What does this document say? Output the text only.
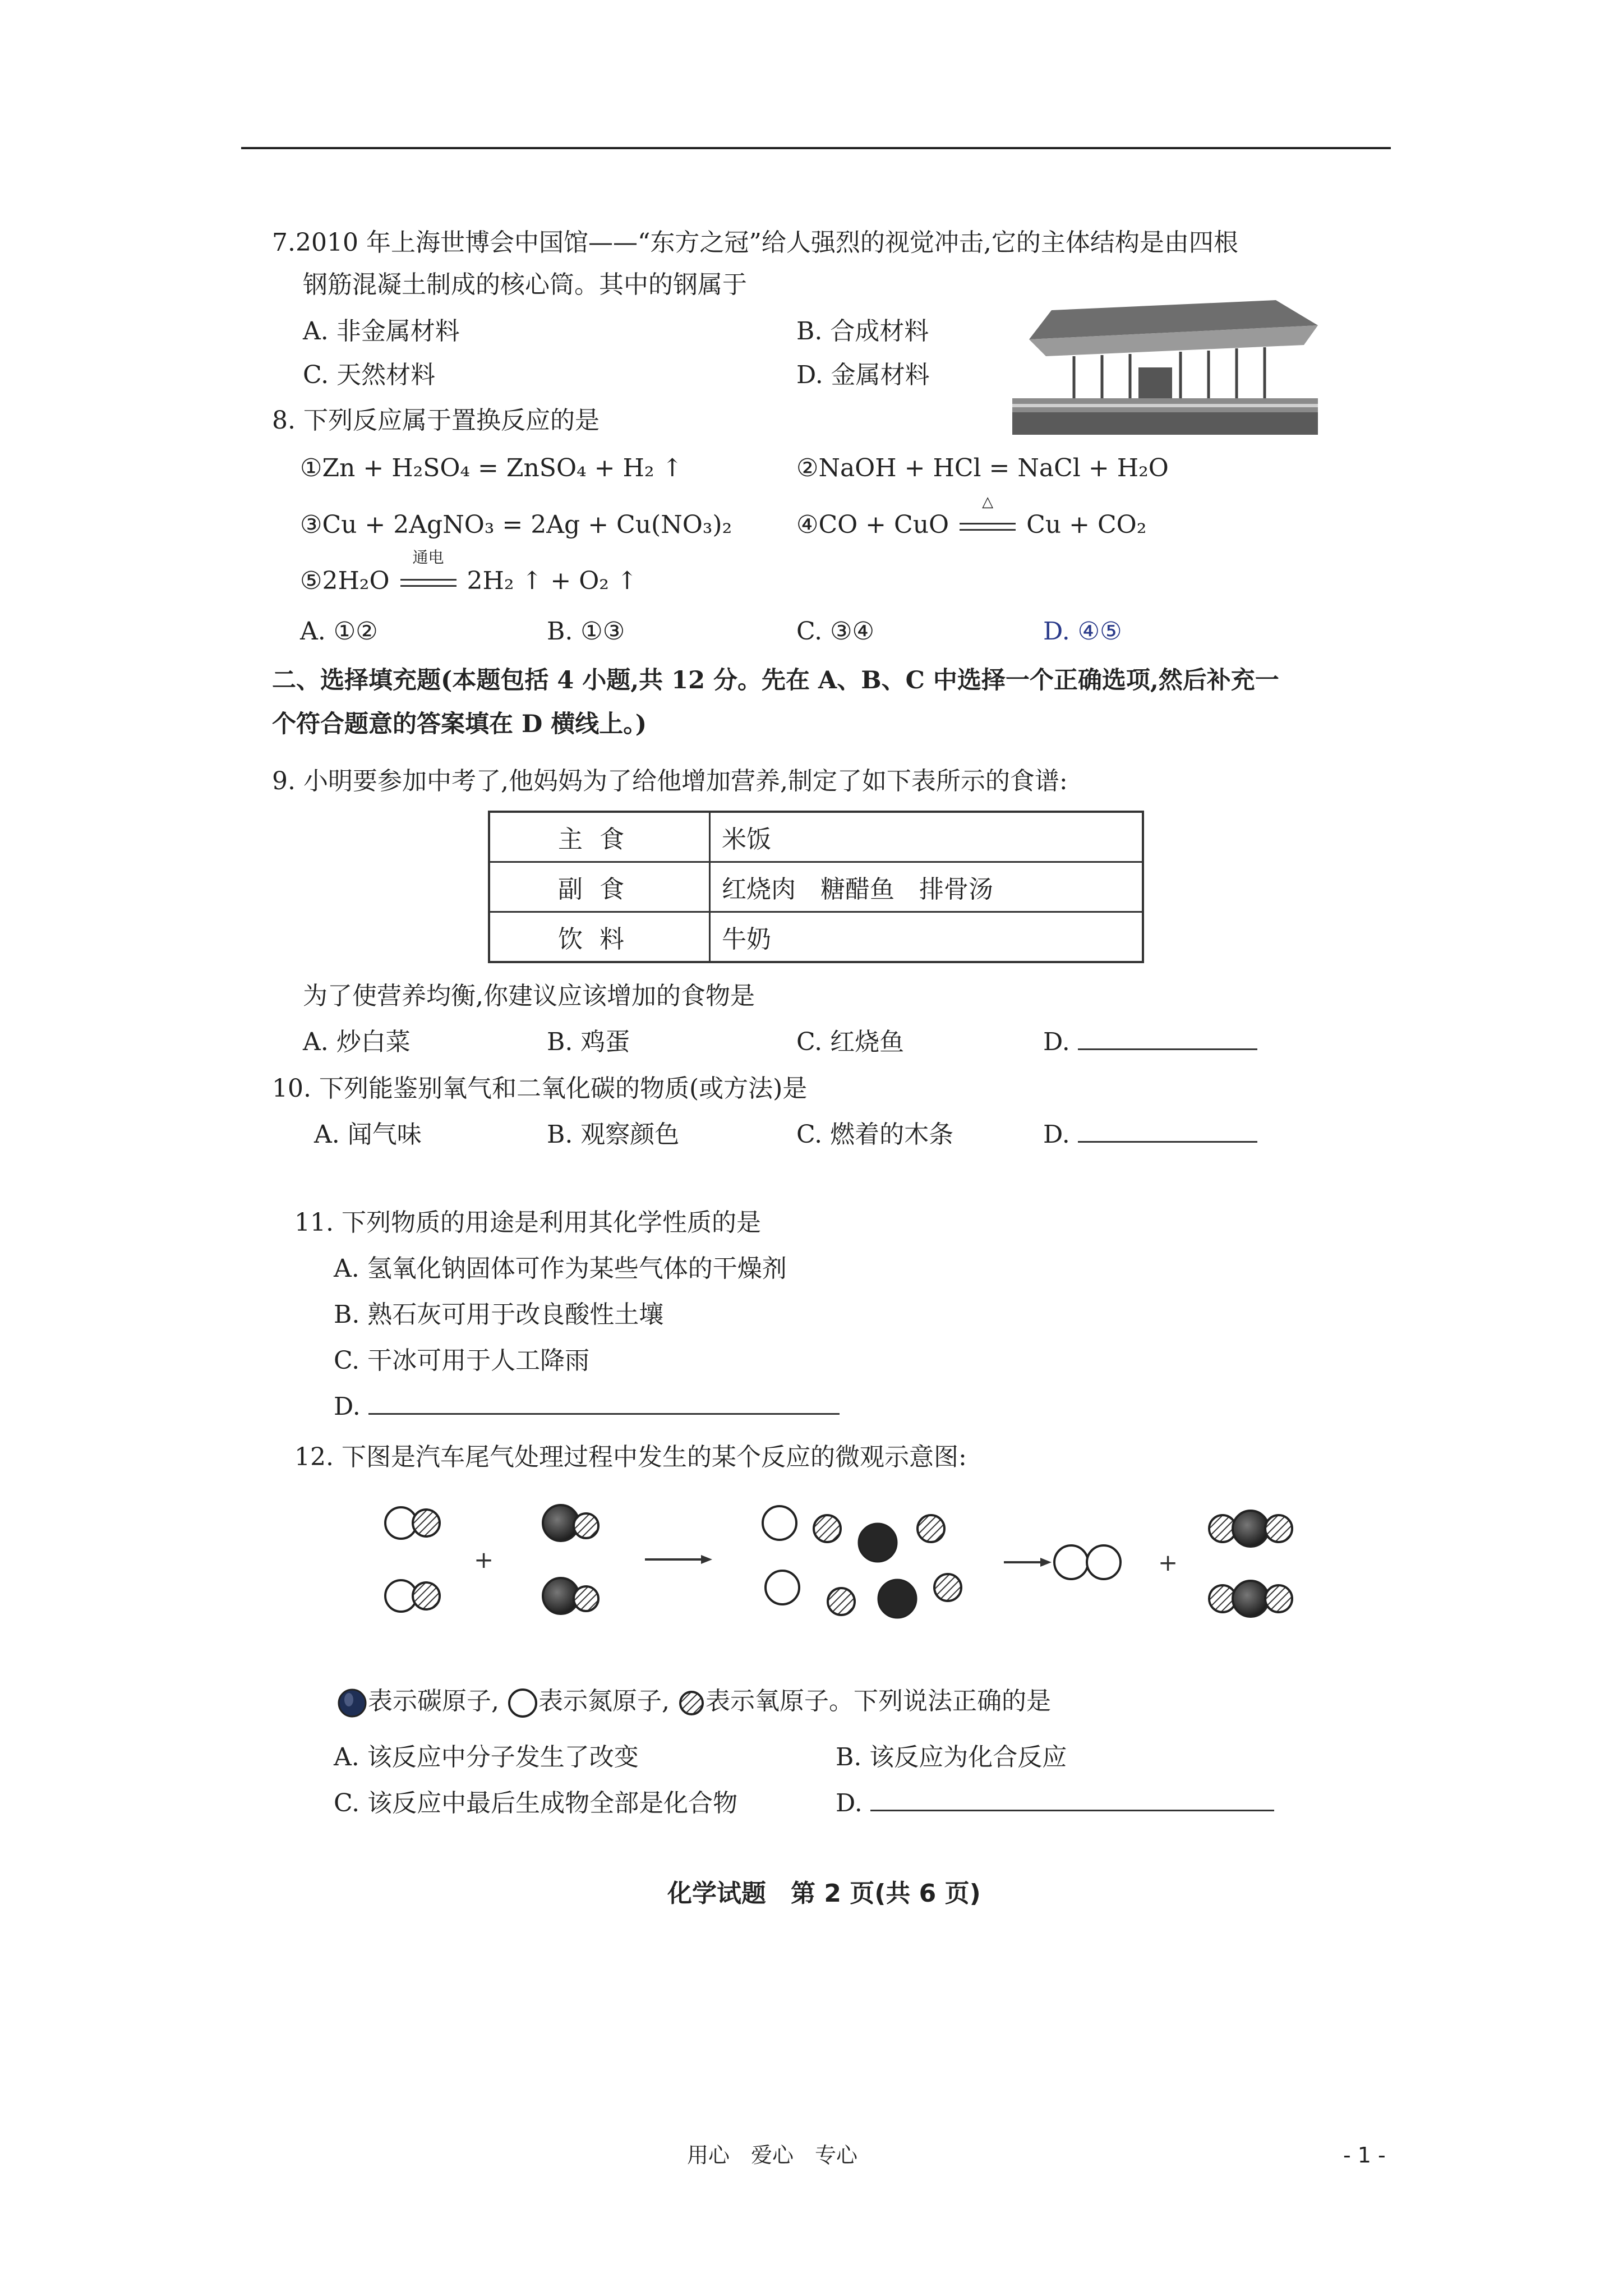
7.2010 年上海世博会中国馆——“东方之冠”给人强烈的视觉冲击,它的主体结构是由四根
钢筋混凝土制成的核心筒。其中的钢属于
A. 非金属材料	B. 合成材料
C. 天然材料	D. 金属材料
8. 下列反应属于置换反应的是
①Zn + H₂SO₄ = ZnSO₄ + H₂ ↑	②NaOH + HCl = NaCl + H₂O
③Cu + 2AgNO₃ = 2Ag + Cu(NO₃)₂	④CO + CuO
△
Cu + CO₂
⑤2H₂O
通电
2H₂ ↑ + O₂ ↑
A. ①②	B. ①③	C. ③④	D. ④⑤
二、选择填充题(本题包括 4 小题,共 12 分。先在 A、B、C 中选择一个正确选项,然后补充一
个符合题意的答案填在 D 横线上。)
9. 小明要参加中考了,他妈妈为了给他增加营养,制定了如下表所示的食谱:
主食	米饭
副食	红烧肉　糖醋鱼　排骨汤
饮料	牛奶
为了使营养均衡,你建议应该增加的食物是
A. 炒白菜	B. 鸡蛋	C. 红烧鱼	D.
10. 下列能鉴别氧气和二氧化碳的物质(或方法)是
A. 闻气味	B. 观察颜色	C. 燃着的木条	D.
11. 下列物质的用途是利用其化学性质的是
A. 氢氧化钠固体可作为某些气体的干燥剂
B. 熟石灰可用于改良酸性土壤
C. 干冰可用于人工降雨
D.
12. 下图是汽车尾气处理过程中发生的某个反应的微观示意图:
+	+
表示碳原子, 表示氮原子, 表示氧原子。下列说法正确的是
A. 该反应中分子发生了改变	B. 该反应为化合反应
C. 该反应中最后生成物全部是化合物	D.
化学试题　第 2 页(共 6 页)
用心　爱心　专心	- 1 -
